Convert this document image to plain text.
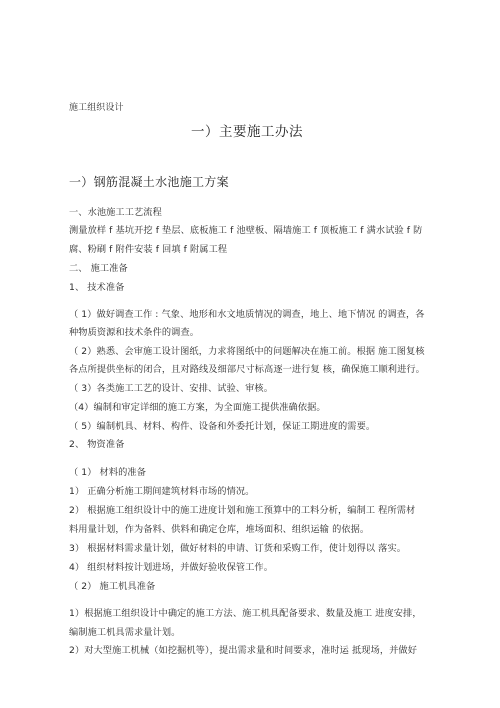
施工组织设计
一）主要施工办法
一）钢筋混凝土水池施工方案
一、水池施工工艺流程
测量放样 f 基坑开挖 f 垫层、底板施工 f 池壁板、隔墙施工 f 顶板施工 f 满水试验 f 防
腐、粉刷 f 附件安装 f 回填 f 附属工程
二、 施工准备
1、 技术准备
（ 1）做好调查工作 : 气象、地形和水文地质情况的调查，地上、地下情况 的调查，各
种物质资源和技术条件的调查。
（ 2）熟悉、会审施工设计图纸，力求将图纸中的问题解决在施工前。根据 施工图复核
各点所提供坐标的闭合，且对路线及细部尺寸标高逐一进行复 核，确保施工顺利进行。
（ 3）各类施工工艺的设计、安排、试验、审核。
（4）编制和审定详细的施工方案，为全面施工提供准确依据。
（ 5）编制机具、材料、构件、设备和外委托计划，保证工期进度的需要。
2、 物资准备
（ 1） 材料的准备
1） 正确分析施工期间建筑材料市场的情况。
2） 根据施工组织设计中的施工进度计划和施工预算中的工料分析，编制工 程所需材
料用量计划，作为备料、供料和确定仓库，堆场面积、组织运输 的依据。
3） 根据材料需求量计划，做好材料的申请、订货和采购工作，使计划得以 落实。
4） 组织材料按计划进场，并做好验收保管工作。
（ 2） 施工机具准备
1）根据施工组织设计中确定的施工方法、施工机具配备要求、数量及施工 进度安排，
编制施工机具需求量计划。
2）对大型施工机械（如挖掘机等），提出需求量和时间要求，准时运 抵现场，并做好
